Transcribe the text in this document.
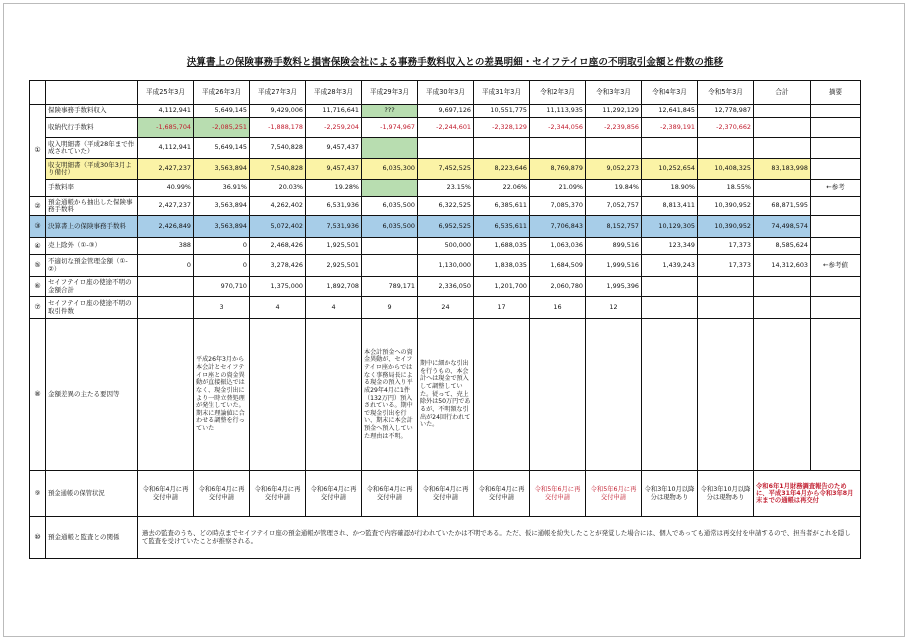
決算書上の保険事務手数料と損害保険会社による事務手数料収入との差異明細・セイフテイロ座の不明取引金額と件数の推移
		平成25年3月	平成26年3月	平成27年3月	平成28年3月	平成29年3月	平成30年3月	平成31年3月	令和2年3月	令和3年3月	令和4年3月	令和5年3月	合計	摘要
①	保険事務手数料収入	4,112,941	5,649,145	9,429,006	11,716,641	???	9,697,126	10,551,775	11,113,935	11,292,129	12,641,845	12,778,987		
	収納代行手数料	-1,685,704	-2,085,251	-1,888,178	-2,259,204	-1,974,967	-2,244,601	-2,328,129	-2,344,056	-2,239,856	-2,389,191	-2,370,662		
	収入明細書（平成28年まで作成されていた）	4,112,941	5,649,145	7,540,828	9,457,437									
	収支明細書（平成30年3月より備付）	2,427,237	3,563,894	7,540,828	9,457,437	6,035,300	7,452,525	8,223,646	8,769,879	9,052,273	10,252,654	10,408,325	83,183,998	
	手数料率	40.99%	36.91%	20.03%	19.28%		23.15%	22.06%	21.09%	19.84%	18.90%	18.55%		←参考
②	預金通帳から抽出した保険事務手数料	2,427,237	3,563,894	4,262,402	6,531,936	6,035,500	6,322,525	6,385,611	7,085,370	7,052,757	8,813,411	10,390,952	68,871,595	
③	決算書上の保険事務手数料	2,426,849	3,563,894	5,072,402	7,531,936	6,035,500	6,952,525	6,535,611	7,706,843	8,152,757	10,129,305	10,390,952	74,498,574	
④	売上除外（①-③）	388	0	2,468,426	1,925,501		500,000	1,688,035	1,063,036	899,516	123,349	17,373	8,585,624	
⑤	不適切な預金管理金額（①-②）	0	0	3,278,426	2,925,501		1,130,000	1,838,035	1,684,509	1,999,516	1,439,243	17,373	14,312,603	←参考値
⑥	セイフテイロ座の使途不明の金額合計		970,710	1,375,000	1,892,708	789,171	2,336,050	1,201,700	2,060,780	1,995,396				
⑦	セイフテイロ座の使途不明の取引件数		3	4	4	9	24	17	16	12				
⑧	金額差異の主たる要因等		平成26年3月から本会計とセイフテイロ座との資金異動が直接振込ではなく、現金引出により一時立替処理が発生していた。期末に理論値に合わせる調整を行っていた			本会計預金への資金異動が、セイフテイロ座からではなく事務局長による現金の預入り平成29年4月に1件（132万円）預入されている。期中で現金引出を行い、期末に本会計預金へ預入していた理由は不明。	期中に細かな引出を行うもの、本会計へは現金で預入して調整していた。従って、売上除外は50万円であるが、不明額な引出が24回行われていた。							
⑨	預金通帳の保管状況	令和6年4月に再交付申請	令和6年4月に再交付申請	令和6年4月に再交付申請	令和6年4月に再交付申請	令和6年4月に再交付申請	令和6年4月に再交付申請	令和6年4月に再交付申請	令和5年6月に再交付申請	令和5年6月に再交付申請	令和3年10月以降分は現物あり	令和3年10月以降分は現物あり	令和6年1月財務調査報告のために、平成31年4月から令和3年8月末までの通帳は再交付	
⑩	預金通帳と監査との関係	過去の監査のうち、どの時点までセイフテイロ座の預金通帳が管理され、かつ監査で内容確認が行われていたかは不明である。ただ、仮に通帳を紛失したことが発覚した場合には、個人であっても通常は再交付を申請するので、担当者がこれを隠して監査を受けていたことが推察される。												
